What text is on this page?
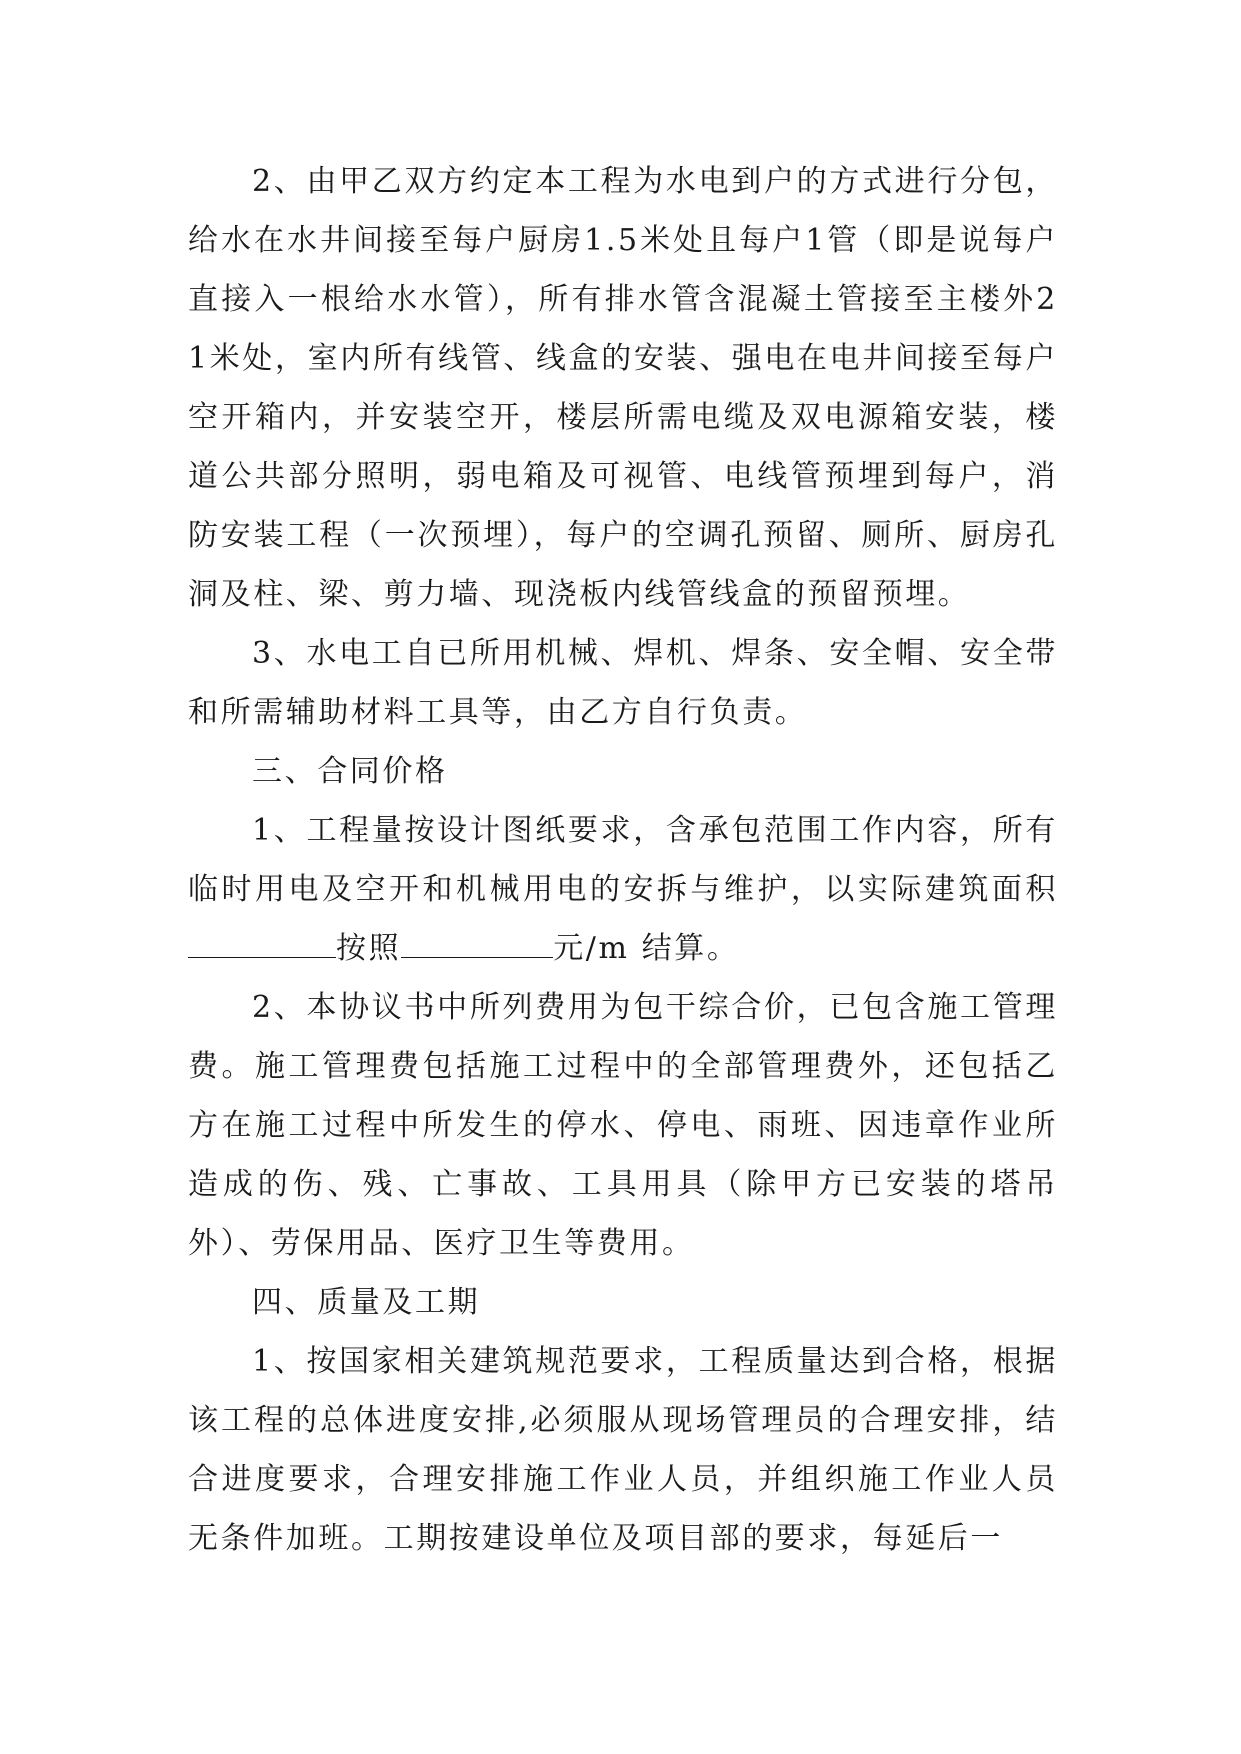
2、由甲乙双方约定本工程为水电到户的方式进行分包，给水在水井间接至每户厨房1.5米处且每户1管（即是说每户直接入一根给水水管），所有排水管含混凝土管接至主楼外21米处，室内所有线管、线盒的安装、强电在电井间接至每户空开箱内，并安装空开，楼层所需电缆及双电源箱安装，楼道公共部分照明，弱电箱及可视管、电线管预埋到每户，消防安装工程（一次预埋），每户的空调孔预留、厕所、厨房孔洞及柱、梁、剪力墙、现浇板内线管线盒的预留预埋。

3、水电工自已所用机械、焊机、焊条、安全帽、安全带和所需辅助材料工具等，由乙方自行负责。

三、合同价格

1、工程量按设计图纸要求，含承包范围工作内容，所有临时用电及空开和机械用电的安拆与维护，以实际建筑面积按照	元/m 结算。

2、本协议书中所列费用为包干综合价，已包含施工管理费。施工管理费包括施工过程中的全部管理费外，还包括乙方在施工过程中所发生的停水、停电、雨班、因违章作业所造成的伤、残、亡事故、工具用具（除甲方已安装的塔吊外）、劳保用品、医疗卫生等费用。

四、质量及工期

1、按国家相关建筑规范要求，工程质量达到合格，根据该工程的总体进度安排,必须服从现场管理员的合理安排，结合进度要求，合理安排施工作业人员，并组织施工作业人员无条件加班。工期按建设单位及项目部的要求，每延后一
